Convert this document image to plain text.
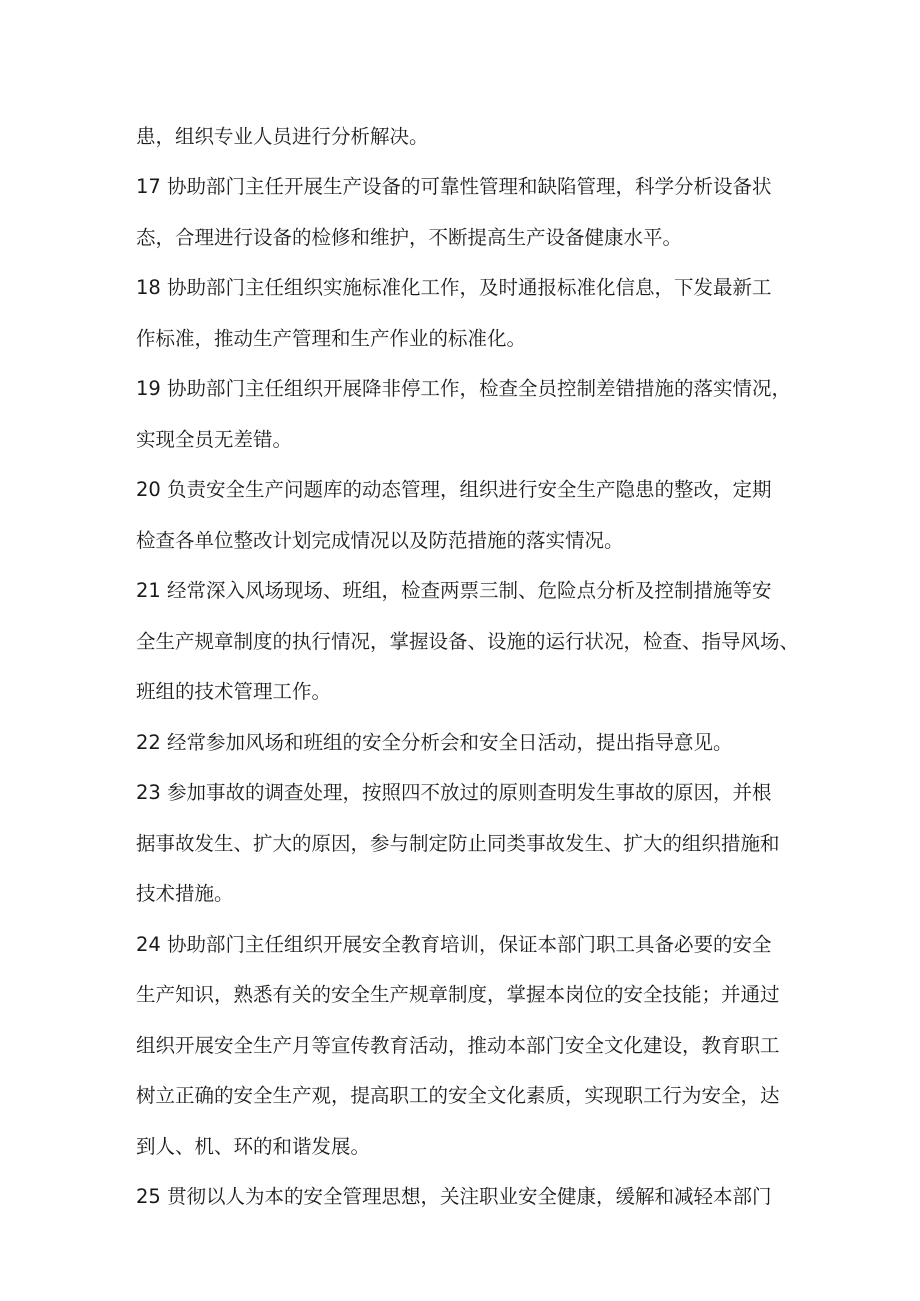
患，组织专业人员进行分析解决。

17 协助部门主任开展生产设备的可靠性管理和缺陷管理，科学分析设备状

态，合理进行设备的检修和维护，不断提高生产设备健康水平。

18 协助部门主任组织实施标准化工作，及时通报标准化信息，下发最新工

作标准，推动生产管理和生产作业的标准化。

19 协助部门主任组织开展降非停工作，检查全员控制差错措施的落实情况，

实现全员无差错。

20 负责安全生产问题库的动态管理，组织进行安全生产隐患的整改，定期

检查各单位整改计划完成情况以及防范措施的落实情况。

21 经常深入风场现场、班组，检查两票三制、危险点分析及控制措施等安

全生产规章制度的执行情况，掌握设备、设施的运行状况，检查、指导风场、

班组的技术管理工作。

22 经常参加风场和班组的安全分析会和安全日活动，提出指导意见。

23 参加事故的调查处理，按照四不放过的原则查明发生事故的原因，并根

据事故发生、扩大的原因，参与制定防止同类事故发生、扩大的组织措施和

技术措施。

24 协助部门主任组织开展安全教育培训，保证本部门职工具备必要的安全

生产知识，熟悉有关的安全生产规章制度，掌握本岗位的安全技能；并通过

组织开展安全生产月等宣传教育活动，推动本部门安全文化建设，教育职工

树立正确的安全生产观，提高职工的安全文化素质，实现职工行为安全，达

到人、机、环的和谐发展。

25 贯彻以人为本的安全管理思想，关注职业安全健康，缓解和减轻本部门
